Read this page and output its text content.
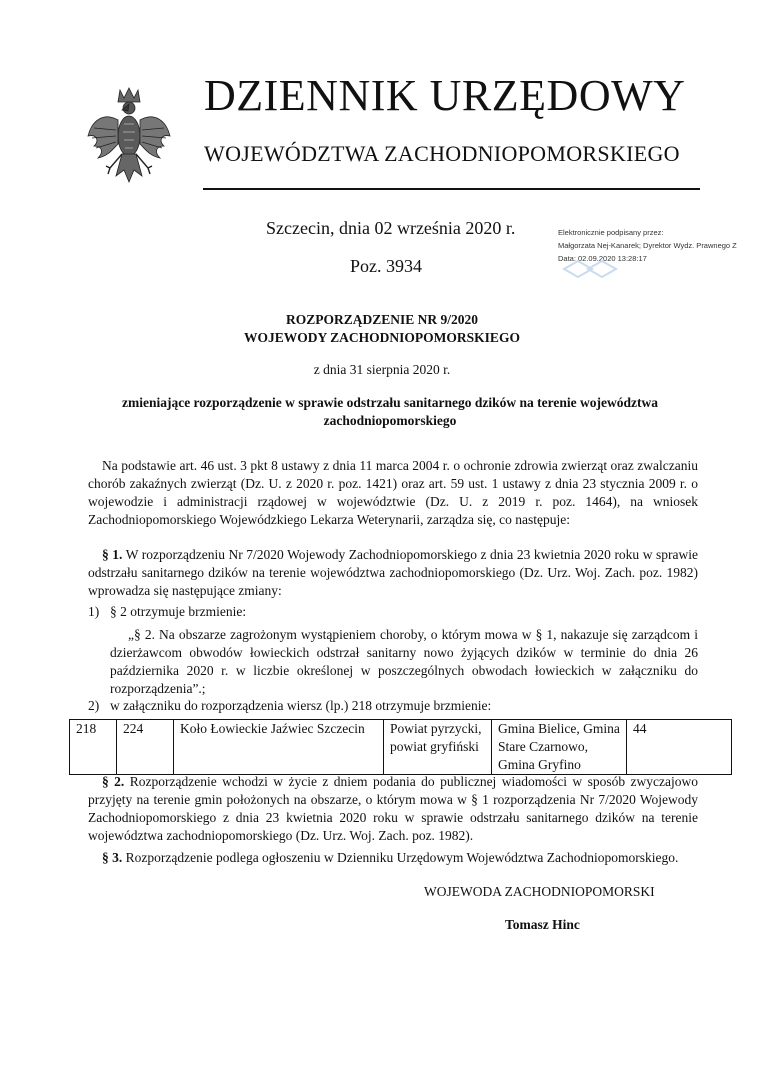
DZIENNIK URZĘDOWY
WOJEWÓDZTWA ZACHODNIOPOMORSKIEGO
Szczecin, dnia 02 września 2020 r.
Poz. 3934
Elektronicznie podpisany przez:
Małgorzata Nej-Kanarek; Dyrektor Wydz. Prawnego Z
Data: 02.09.2020 13:28:17
ROZPORZĄDZENIE NR 9/2020
WOJEWODY ZACHODNIOPOMORSKIEGO
z dnia 31 sierpnia 2020 r.
zmieniające rozporządzenie w sprawie odstrzału sanitarnego dzików na terenie województwa zachodniopomorskiego
Na podstawie art. 46 ust. 3 pkt 8 ustawy z dnia 11 marca 2004 r. o ochronie zdrowia zwierząt oraz zwalczaniu chorób zakaźnych zwierząt (Dz. U. z 2020 r. poz. 1421) oraz art. 59 ust. 1 ustawy z dnia 23 stycznia 2009 r. o wojewodzie i administracji rządowej w województwie (Dz. U. z 2019 r. poz. 1464), na wniosek Zachodniopomorskiego Wojewódzkiego Lekarza Weterynarii, zarządza się, co następuje:
§ 1. W rozporządzeniu Nr 7/2020 Wojewody Zachodniopomorskiego z dnia 23 kwietnia 2020 roku w sprawie odstrzału sanitarnego dzików na terenie województwa zachodniopomorskiego (Dz. Urz. Woj. Zach. poz. 1982) wprowadza się następujące zmiany:
1) § 2 otrzymuje brzmienie:
„§ 2. Na obszarze zagrożonym wystąpieniem choroby, o którym mowa w § 1, nakazuje się zarządcom i dzierżawcom obwodów łowieckich odstrzał sanitarny nowo żyjących dzików w terminie do dnia 26 października 2020 r. w liczbie określonej w poszczególnych obwodach łowieckich w załączniku do rozporządzenia”.;
2) w załączniku do rozporządzenia wiersz (lp.) 218 otrzymuje brzmienie:
218	224	Koło Łowieckie Jaźwiec Szczecin	Powiat pyrzycki, powiat gryfiński	Gmina Bielice, Gmina Stare Czarnowo, Gmina Gryfino	44
§ 2. Rozporządzenie wchodzi w życie z dniem podania do publicznej wiadomości w sposób zwyczajowo przyjęty na terenie gmin położonych na obszarze, o którym mowa w § 1 rozporządzenia Nr 7/2020 Wojewody Zachodniopomorskiego z dnia 23 kwietnia 2020 roku w sprawie odstrzału sanitarnego dzików na terenie województwa zachodniopomorskiego (Dz. Urz. Woj. Zach. poz. 1982).
§ 3. Rozporządzenie podlega ogłoszeniu w Dzienniku Urzędowym Województwa Zachodniopomorskiego.
WOJEWODA ZACHODNIOPOMORSKI
Tomasz Hinc
